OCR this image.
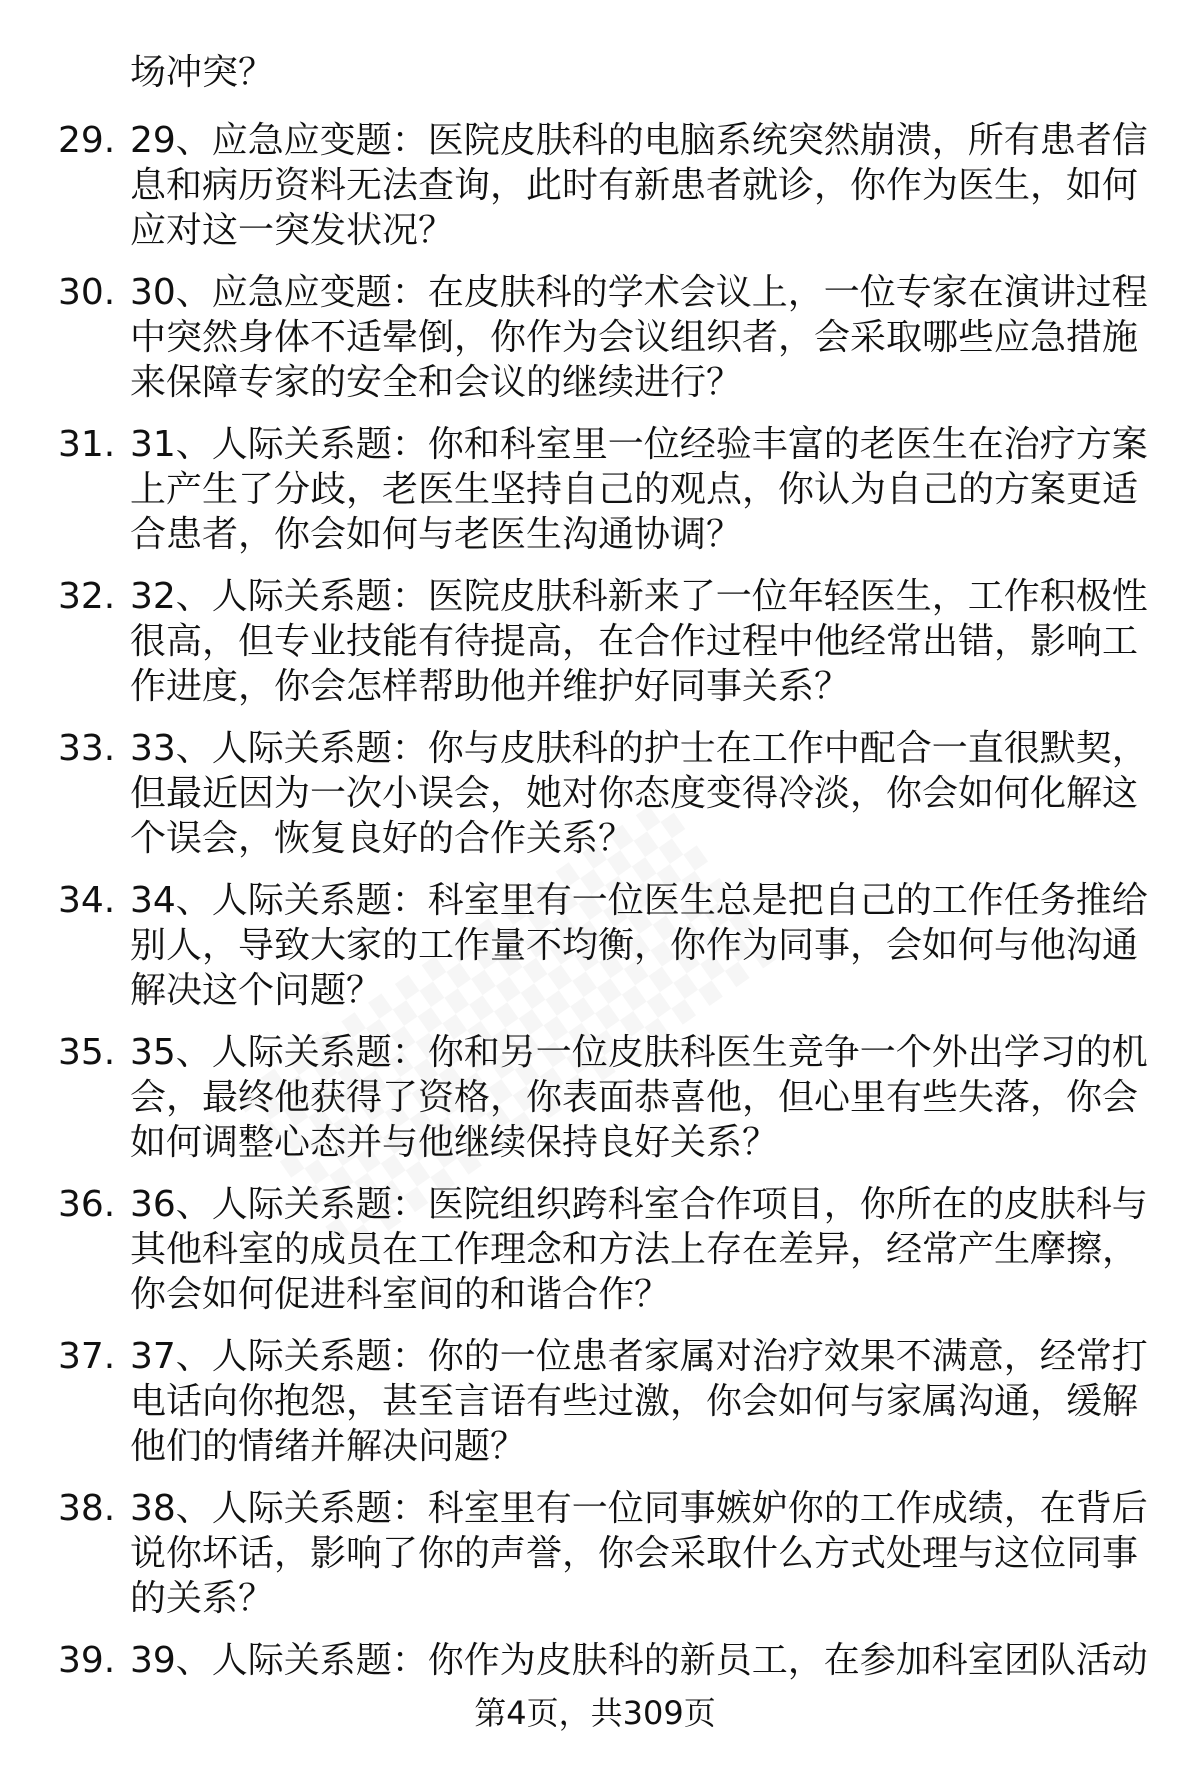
场冲突？
29. 29、应急应变题：医院皮肤科的电脑系统突然崩溃，所有患者信
息和病历资料无法查询，此时有新患者就诊，你作为医生，如何
应对这一突发状况？
30. 30、应急应变题：在皮肤科的学术会议上，一位专家在演讲过程
中突然身体不适晕倒，你作为会议组织者，会采取哪些应急措施
来保障专家的安全和会议的继续进行？
31. 31、人际关系题：你和科室里一位经验丰富的老医生在治疗方案
上产生了分歧，老医生坚持自己的观点，你认为自己的方案更适
合患者，你会如何与老医生沟通协调？
32. 32、人际关系题：医院皮肤科新来了一位年轻医生，工作积极性
很高，但专业技能有待提高，在合作过程中他经常出错，影响工
作进度，你会怎样帮助他并维护好同事关系？
33. 33、人际关系题：你与皮肤科的护士在工作中配合一直很默契，
但最近因为一次小误会，她对你态度变得冷淡，你会如何化解这
个误会，恢复良好的合作关系？
34. 34、人际关系题：科室里有一位医生总是把自己的工作任务推给
别人，导致大家的工作量不均衡，你作为同事，会如何与他沟通
解决这个问题？
35. 35、人际关系题：你和另一位皮肤科医生竞争一个外出学习的机
会，最终他获得了资格，你表面恭喜他，但心里有些失落，你会
如何调整心态并与他继续保持良好关系？
36. 36、人际关系题：医院组织跨科室合作项目，你所在的皮肤科与
其他科室的成员在工作理念和方法上存在差异，经常产生摩擦，
你会如何促进科室间的和谐合作？
37. 37、人际关系题：你的一位患者家属对治疗效果不满意，经常打
电话向你抱怨，甚至言语有些过激，你会如何与家属沟通，缓解
他们的情绪并解决问题？
38. 38、人际关系题：科室里有一位同事嫉妒你的工作成绩，在背后
说你坏话，影响了你的声誉，你会采取什么方式处理与这位同事
的关系？
39. 39、人际关系题：你作为皮肤科的新员工，在参加科室团队活动
第4页，共309页
